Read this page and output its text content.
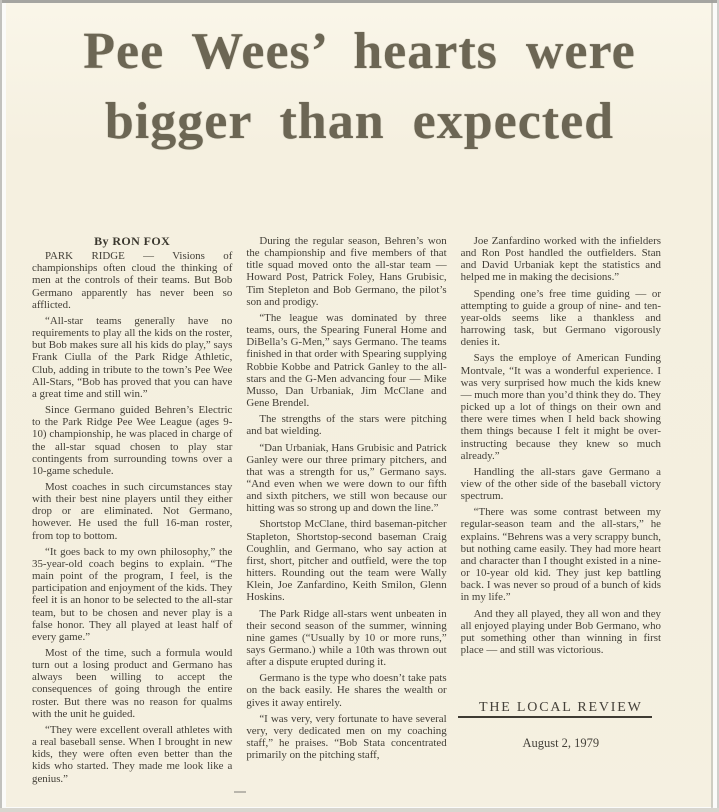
Pee Wees’ hearts were
bigger than expected
By RON FOX

PARK RIDGE — Visions of championships often cloud the thinking of men at the controls of their teams. But Bob Germano apparently has never been so afflicted.

“All-star teams generally have no requirements to play all the kids on the roster, but Bob makes sure all his kids do play,” says Frank Ciulla of the Park Ridge Athletic, Club, adding in tribute to the town’s Pee Wee All-Stars, “Bob has proved that you can have a great time and still win.”

Since Germano guided Behren’s Electric to the Park Ridge Pee Wee League (ages 9-10) championship, he was placed in charge of the all-star squad chosen to play star contingents from surrounding towns over a 10-game schedule.

Most coaches in such circumstances stay with their best nine players until they either drop or are eliminated. Not Germano, however. He used the full 16-man roster, from top to bottom.

“It goes back to my own philosophy,” the 35-year-old coach begins to explain. “The main point of the program, I feel, is the participation and enjoyment of the kids. They feel it is an honor to be selected to the all-star team, but to be chosen and never play is a false honor. They all played at least half of every game.”

Most of the time, such a formula would turn out a losing product and Germano has always been willing to accept the consequences of going through the entire roster. But there was no reason for qualms with the unit he guided.

“They were excellent overall athletes with a real baseball sense. When I brought in new kids, they were often even better than the kids who started. They made me look like a genius.”

During the regular season, Behren’s won the championship and five members of that title squad moved onto the all-star team — Howard Post, Patrick Foley, Hans Grubisic, Tim Stepleton and Bob Germano, the pilot’s son and prodigy.

“The league was dominated by three teams, ours, the Spearing Funeral Home and DiBella’s G-Men,” says Germano. The teams finished in that order with Spearing supplying Robbie Kobbe and Patrick Ganley to the all-stars and the G-Men advancing four — Mike Musso, Dan Urbaniak, Jim McClane and Gene Brendel.

The strengths of the stars were pitching and bat wielding.

“Dan Urbaniak, Hans Grubisic and Patrick Ganley were our three primary pitchers, and that was a strength for us,” Germano says. “And even when we were down to our fifth and sixth pitchers, we still won because our hitting was so strong up and down the line.”

Shortstop McClane, third baseman-pitcher Stapleton, Shortstop-second baseman Craig Coughlin, and Germano, who say action at first, short, pitcher and outfield, were the top hitters. Rounding out the team were Wally Klein, Joe Zanfardino, Keith Smilon, Glenn Hoskins.

The Park Ridge all-stars went unbeaten in their second season of the summer, winning nine games (“Usually by 10 or more runs,” says Germano.) while a 10th was thrown out after a dispute erupted during it.

Germano is the type who doesn’t take pats on the back easily. He shares the wealth or gives it away entirely.

“I was very, very fortunate to have several very, very dedicated men on my coaching staff,” he praises. “Bob Stata concentrated primarily on the pitching staff,

Joe Zanfardino worked with the infielders and Ron Post handled the outfielders. Stan and David Urbaniak kept the statistics and helped me in making the decisions.”

Spending one’s free time guiding — or attempting to guide a group of nine- and ten-year-olds seems like a thankless and harrowing task, but Germano vigorously denies it.

Says the employe of American Funding Montvale, “It was a wonderful experience. I was very surprised how much the kids knew — much more than you’d think they do. They picked up a lot of things on their own and there were times when I held back showing them things because I felt it might be over-instructing because they knew so much already.”

Handling the all-stars gave Germano a view of the other side of the baseball victory spectrum.

“There was some contrast between my regular-season team and the all-stars,” he explains. “Behrens was a very scrappy bunch, but nothing came easily. They had more heart and character than I thought existed in a nine-or 10-year old kid. They just kep battling back. I was never so proud of a bunch of kids in my life.”

And they all played, they all won and they all enjoyed playing under Bob Germano, who put something other than winning in first place — and still was victorious.

THE LOCAL REVIEW
August 2, 1979
